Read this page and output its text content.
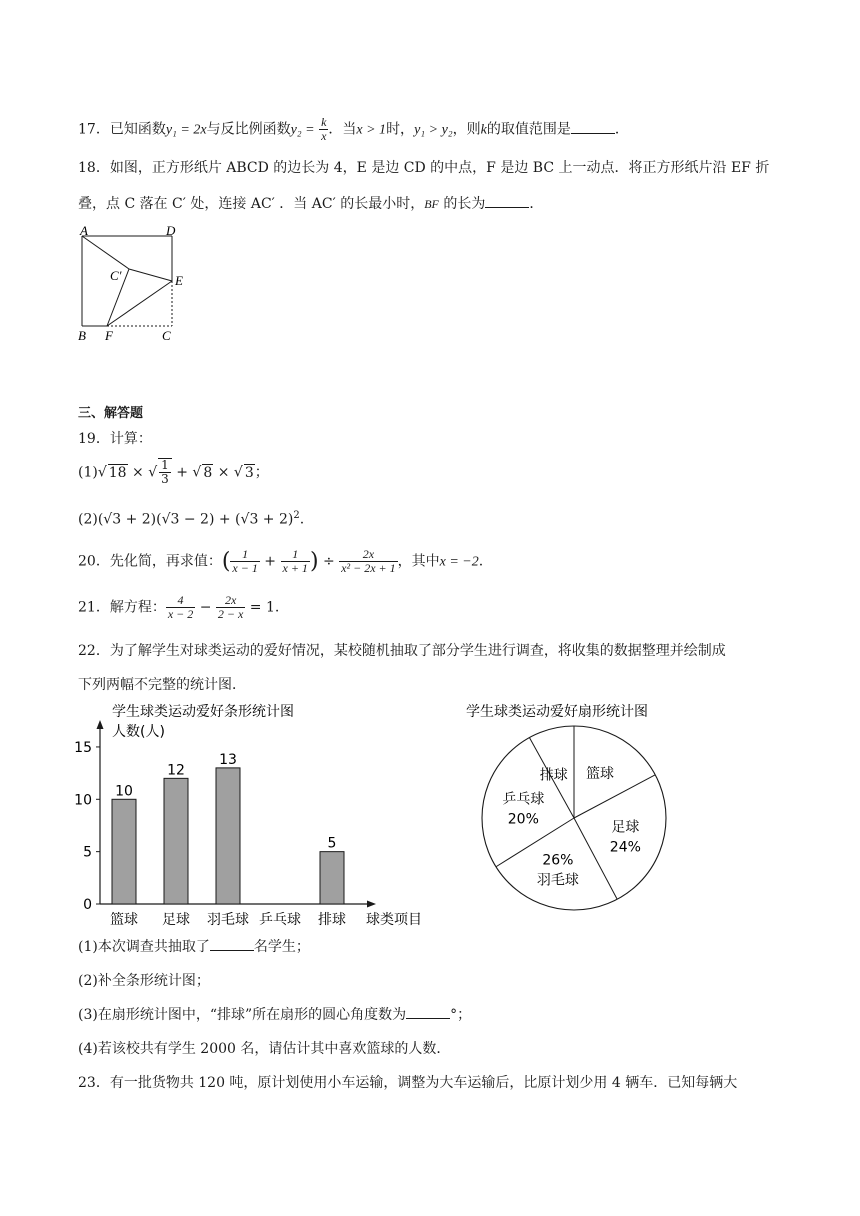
17．已知函数y₁ = 2x与反比例函数$y_2 = \frac{k}{x}$ ．当x > 1时，y₁ > y₂，则k的取值范围是	．
18．如图，正方形纸片 ABCD 的边长为 4，E 是边 CD 的中点，F 是边 BC 上一动点．将正方形纸片沿 EF 折
叠，点 C 落在 C′ 处，连接 AC′ ．当 AC′ 的长最小时，BF 的长为	．
A	D
C′	E
B F	C
三、解答题
19．计算：
(1)√ 18 × √ $\frac{1}{3}$ + √ 8 × √ 3；
$(2)(√3 + 2)(√3 - 2) + (√3 + 2)^2$.
20．先化简，再求值：( $\frac{1}{x - 1} + \frac{1}{x + 1}$ ) ÷ $\frac{2x}{\text{x² − 2x + 1}}$ ，其中x = −2.
21．解方程： $\frac{4}{x - 2} - \frac{2x}{2 - x} = 1$.
22．为了解学生对球类运动的爱好情况，某校随机抽取了部分学生进行调查，将收集的数据整理并绘制成
下列两幅不完整的统计图．
学生球类运动爱好条形统计图
人数(人)
球类项目
0
5
10
15
10
篮球
12
足球
13
羽毛球 乒乓球
5
排球
学生球类运动爱好扇形统计图
排球 篮球
足球
24%
羽毛球
26%
乒乓球
20%
(1)本次调查共抽取了	名学生；
(2)补全条形统计图；
(3)在扇形统计图中，“排球”所在扇形的圆心角度数为	°；
(4)若该校共有学生 2000 名，请估计其中喜欢篮球的人数．
23．有一批货物共 120 吨，原计划使用小车运输，调整为大车运输后，比原计划少用 4 辆车．已知每辆大
